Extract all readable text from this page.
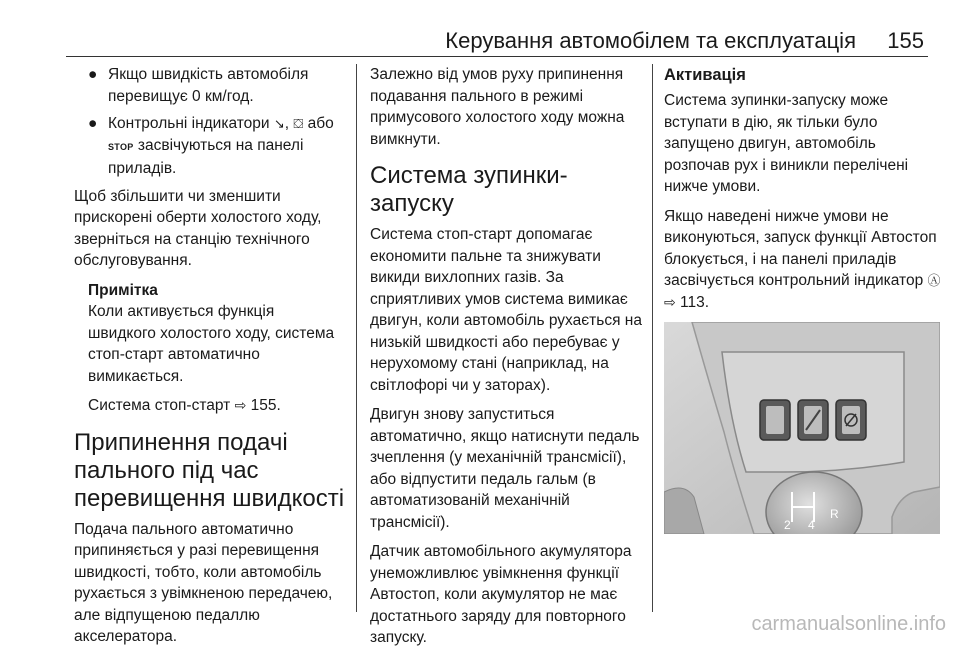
Керування автомобілем та експлуатація 155
● Якщо швидкість автомобіля перевищує 0 км/год.
● Контрольні індикатори ↘, ⛋ або STOP засвічуються на панелі приладів.

Щоб збільшити чи зменшити прискорені оберти холостого ходу, зверніться на станцію технічного обслуговування.

Примітка

Коли активується функція швидкого холостого ходу, система стоп-старт автоматично вимикається.

Система стоп-старт ⇨ 155.

Припинення подачі пального під час перевищення швидкості

Подача пального автоматично припиняється у разі перевищення швидкості, тобто, коли автомобіль рухається з увімкненою передачею, але відпущеною педаллю акселератора.

Залежно від умов руху припинення подавання пального в режимі примусового холостого ходу можна вимкнути.

Система зупинки-запуску

Система стоп-старт допомагає економити пальне та знижувати викиди вихлопних газів. За сприятливих умов система вимикає двигун, коли автомобіль рухається на низькій швидкості або перебуває у нерухомому стані (наприклад, на світлофорі чи у заторах).

Двигун знову запуститься автоматично, якщо натиснути педаль зчеплення (у механічній трансмісії), або відпустити педаль гальм (в автоматизованій механічній трансмісії).

Датчик автомобільного акумулятора унеможливлює увімкнення функції Автостоп, коли акумулятор не має достатнього заряду для повторного запуску.

Активація

Система зупинки-запуску може вступати в дію, як тільки було запущено двигун, автомобіль розпочав рух і виникли перелічені нижче умови.

Якщо наведені нижче умови не виконуються, запуск функції Автостоп блокується, і на панелі приладів засвічується контрольний індикатор Ⓐ ⇨ 113.

2 4
R
carmanualsonline.info
